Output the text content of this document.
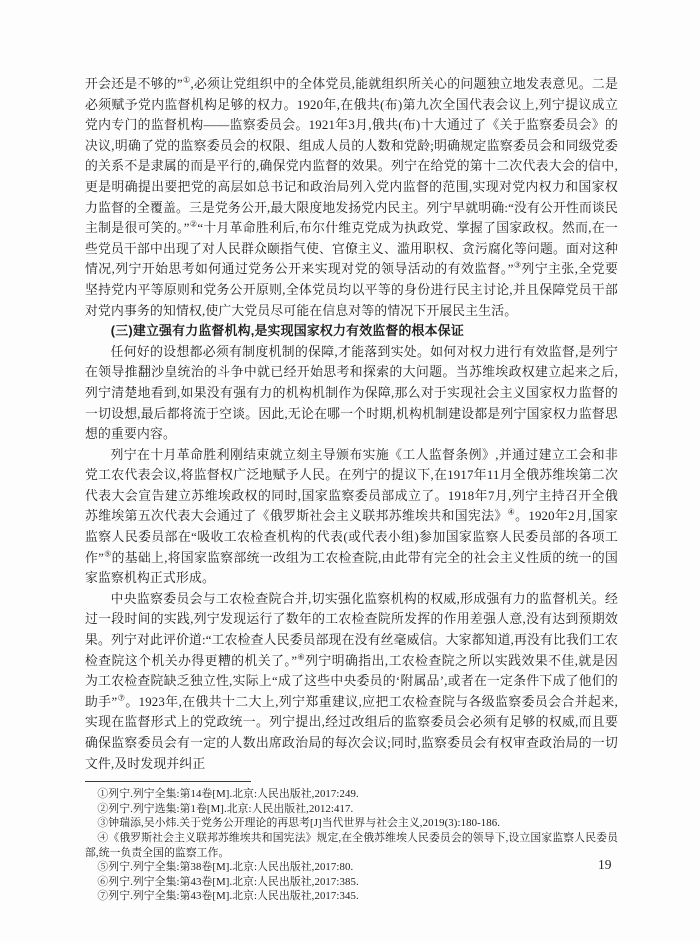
开会还是不够的”①,必须让党组织中的全体党员,能就组织所关心的问题独立地发表意见。二是必须赋予党内监督机构足够的权力。1920年,在俄共(布)第九次全国代表会议上,列宁提议成立党内专门的监督机构——监察委员会。1921年3月,俄共(布)十大通过了《关于监察委员会》的决议,明确了党的监察委员会的权限、组成人员的人数和党龄;明确规定监察委员会和同级党委的关系不是隶属的而是平行的,确保党内监督的效果。列宁在给党的第十二次代表大会的信中,更是明确提出要把党的高层如总书记和政治局列入党内监督的范围,实现对党内权力和国家权力监督的全覆盖。三是党务公开,最大限度地发扬党内民主。列宁早就明确:“没有公开性而谈民主制是很可笑的。”②“十月革命胜利后,布尔什维克党成为执政党、掌握了国家政权。然而,在一些党员干部中出现了对人民群众颐指气使、官僚主义、滥用职权、贪污腐化等问题。面对这种情况,列宁开始思考如何通过党务公开来实现对党的领导活动的有效监督。”③列宁主张,全党要坚持党内平等原则和党务公开原则,全体党员均以平等的身份进行民主讨论,并且保障党员干部对党内事务的知情权,使广大党员尽可能在信息对等的情况下开展民主生活。

(三)建立强有力监督机构,是实现国家权力有效监督的根本保证

任何好的设想都必须有制度机制的保障,才能落到实处。如何对权力进行有效监督,是列宁在领导推翻沙皇统治的斗争中就已经开始思考和探索的大问题。当苏维埃政权建立起来之后,列宁清楚地看到,如果没有强有力的机构机制作为保障,那么对于实现社会主义国家权力监督的一切设想,最后都将流于空谈。因此,无论在哪一个时期,机构机制建设都是列宁国家权力监督思想的重要内容。

列宁在十月革命胜利刚结束就立刻主导颁布实施《工人监督条例》,并通过建立工会和非党工农代表会议,将监督权广泛地赋予人民。在列宁的提议下,在1917年11月全俄苏维埃第二次代表大会宣告建立苏维埃政权的同时,国家监察委员部成立了。1918年7月,列宁主持召开全俄苏维埃第五次代表大会通过了《俄罗斯社会主义联邦苏维埃共和国宪法》④。1920年2月,国家监察人民委员部在“吸收工农检查机构的代表(或代表小组)参加国家监察人民委员部的各项工作”⑤的基础上,将国家监察部统一改组为工农检查院,由此带有完全的社会主义性质的统一的国家监察机构正式形成。

中央监察委员会与工农检查院合并,切实强化监察机构的权威,形成强有力的监督机关。经过一段时间的实践,列宁发现运行了数年的工农检查院所发挥的作用差强人意,没有达到预期效果。列宁对此评价道:“工农检查人民委员部现在没有丝毫威信。大家都知道,再没有比我们工农检查院这个机关办得更糟的机关了。”⑥列宁明确指出,工农检查院之所以实践效果不佳,就是因为工农检查院缺乏独立性,实际上“成了这些中央委员的‘附属品’,或者在一定条件下成了他们的助手”⑦。1923年,在俄共十二大上,列宁郑重建议,应把工农检查院与各级监察委员会合并起来,实现在监督形式上的党政统一。列宁提出,经过改组后的监察委员会必须有足够的权威,而且要确保监察委员会有一定的人数出席政治局的每次会议;同时,监察委员会有权审查政治局的一切文件,及时发现并纠正

①列宁.列宁全集:第14卷[M].北京:人民出版社,2017:249.

②列宁.列宁选集:第1卷[M].北京:人民出版社,2012:417.

③钟瑞添,吴小炜.关于党务公开理论的再思考[J]当代世界与社会主义,2019(3):180-186.

④《俄罗斯社会主义联邦苏维埃共和国宪法》规定,在全俄苏维埃人民委员会的领导下,设立国家监察人民委员部,统一负责全国的监察工作。

⑤列宁.列宁全集:第38卷[M].北京:人民出版社,2017:80.

⑥列宁.列宁全集:第43卷[M].北京:人民出版社,2017:385.

⑦列宁.列宁全集:第43卷[M].北京:人民出版社,2017:345.

19
